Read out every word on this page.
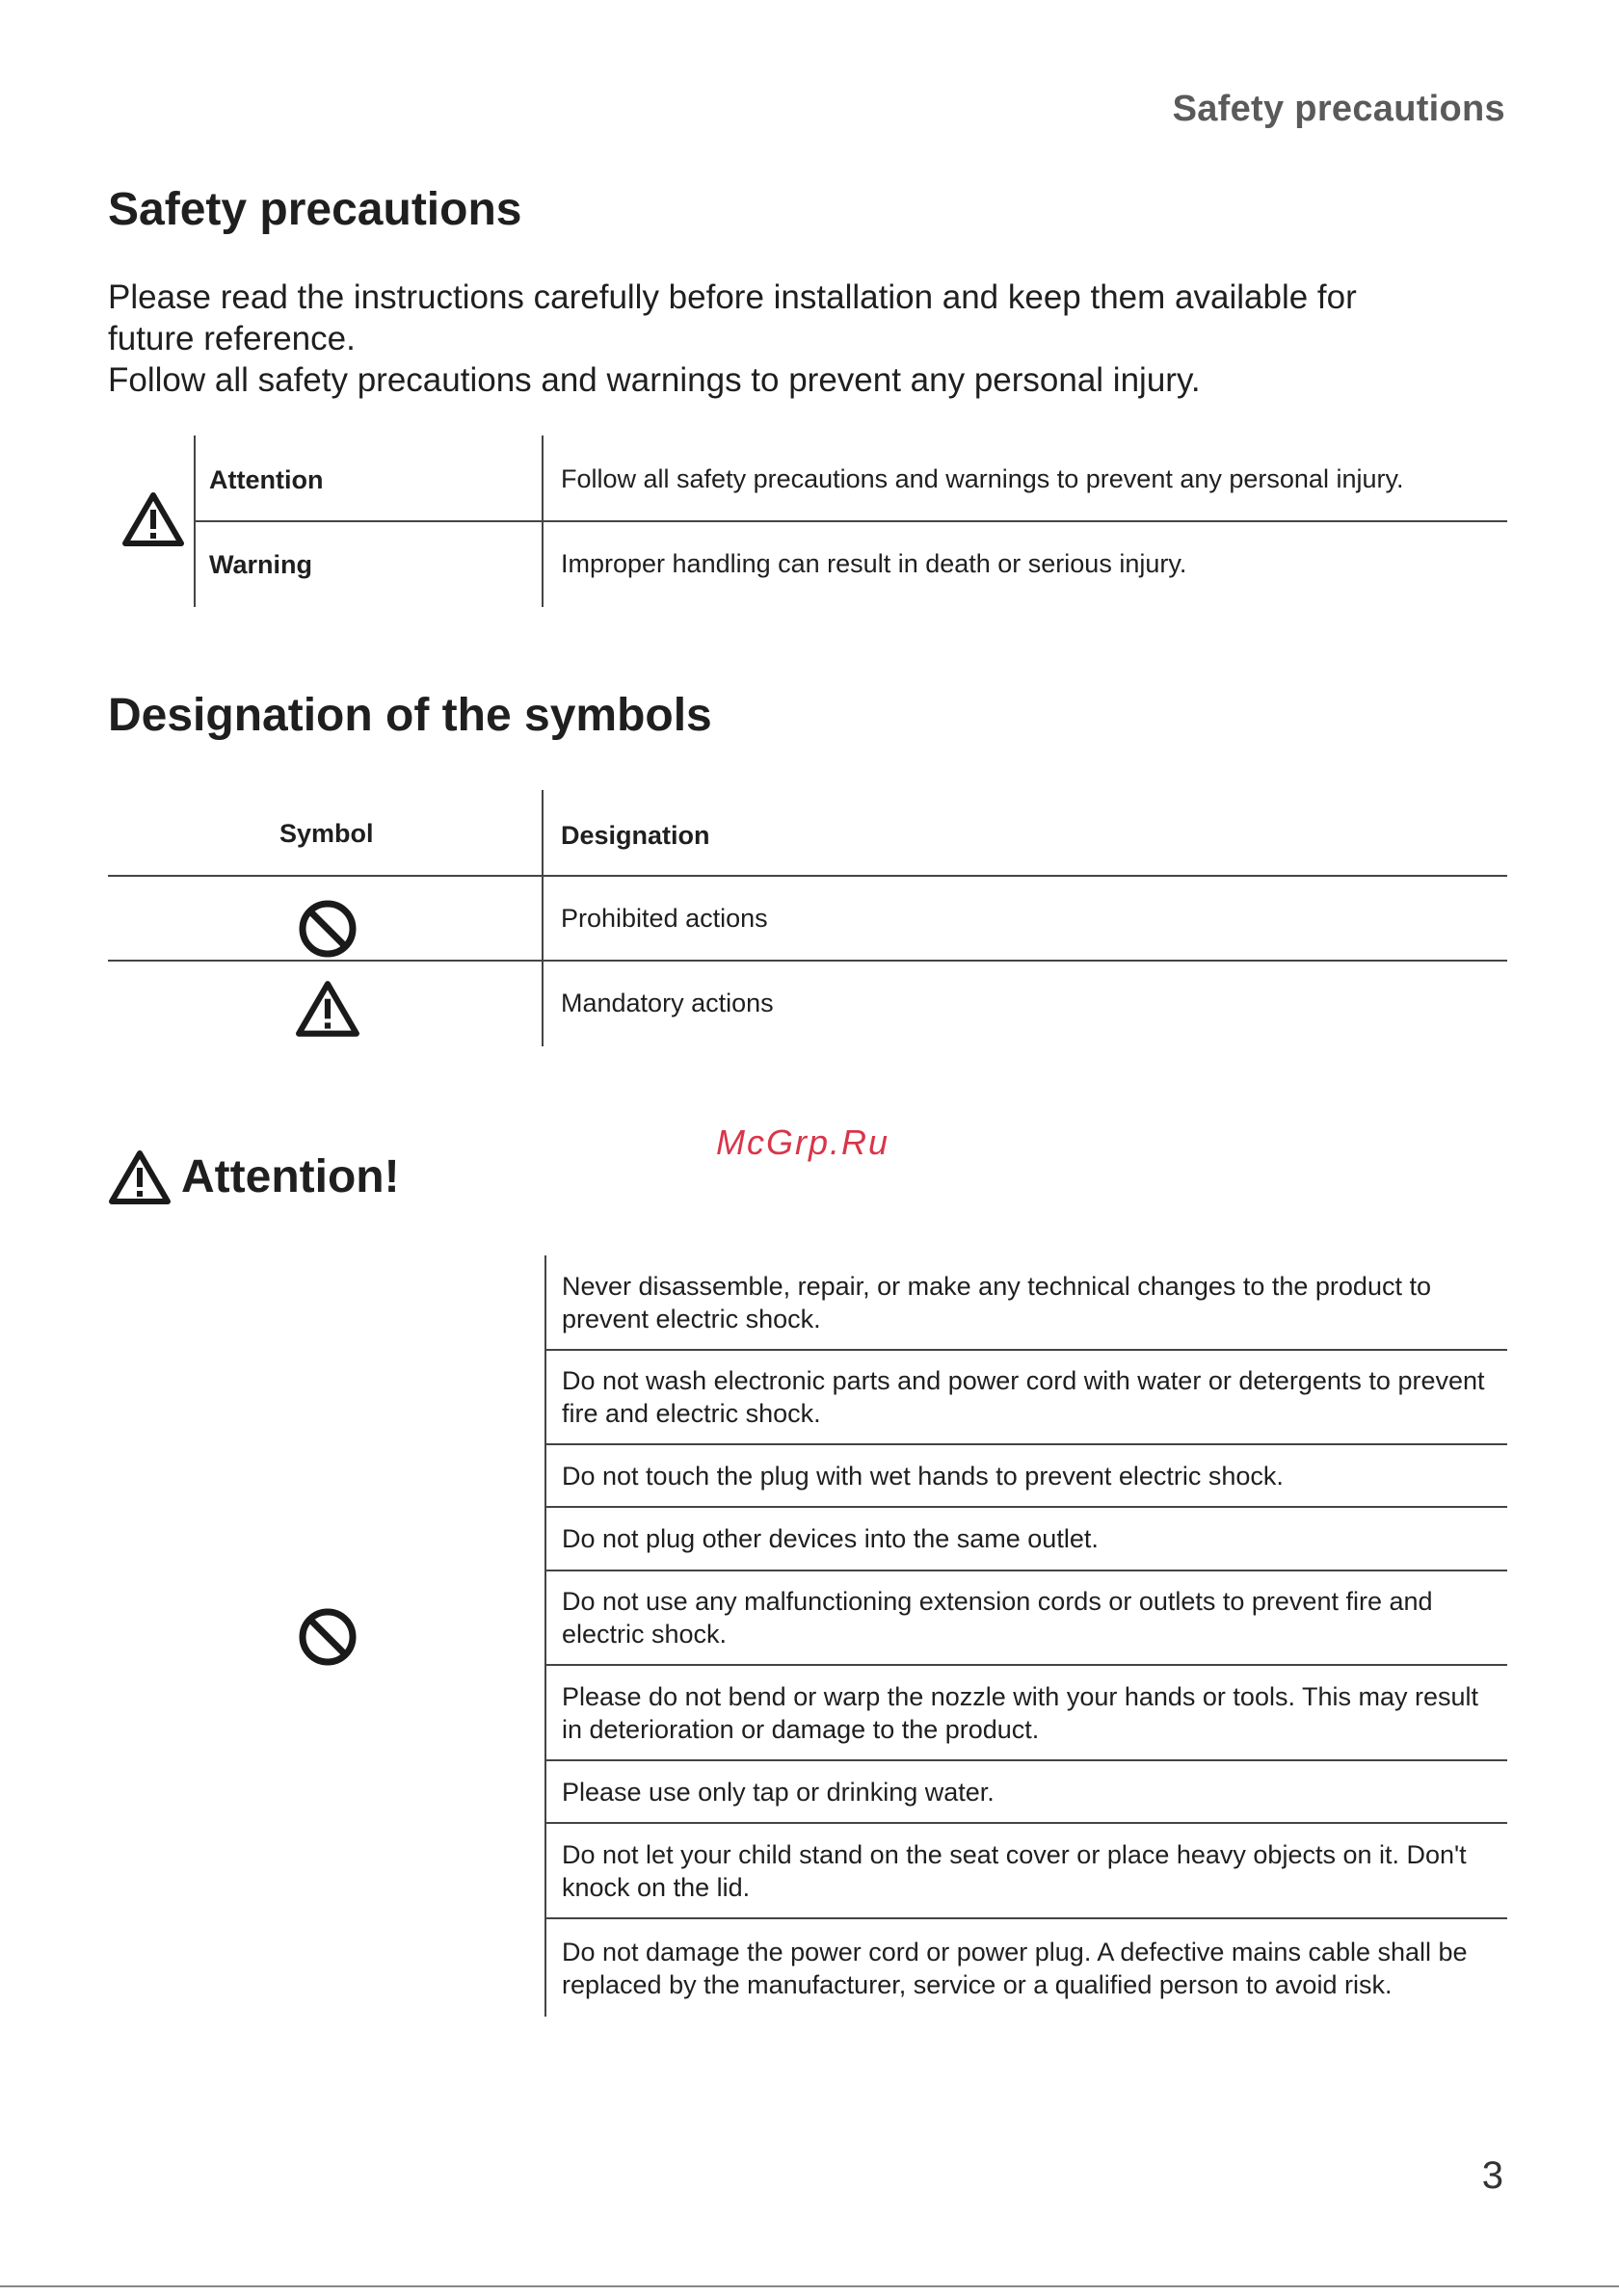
Safety precautions
Safety precautions
Please read the instructions carefully before installation and keep them available for
future reference.
Follow all safety precautions and warnings to prevent any personal injury.
Attention	Follow all safety precautions and warnings to prevent any personal injury.
Warning	Improper handling can result in death or serious injury.
Designation of the symbols
Symbol	Designation
Prohibited actions
Mandatory actions
McGrp.Ru
Attention!
Never disassemble, repair, or make any technical changes to the product to prevent electric shock.
Do not wash electronic parts and power cord with water or detergents to prevent fire and electric shock.
Do not touch the plug with wet hands to prevent electric shock.
Do not plug other devices into the same outlet.
Do not use any malfunctioning extension cords or outlets to prevent fire and electric shock.
Please do not bend or warp the nozzle with your hands or tools. This may result in deterioration or damage to the product.
Please use only tap or drinking water.
Do not let your child stand on the seat cover or place heavy objects on it. Don't knock on the lid.
Do not damage the power cord or power plug. A defective mains cable shall be replaced by the manufacturer, service or a qualified person to avoid risk.
3
